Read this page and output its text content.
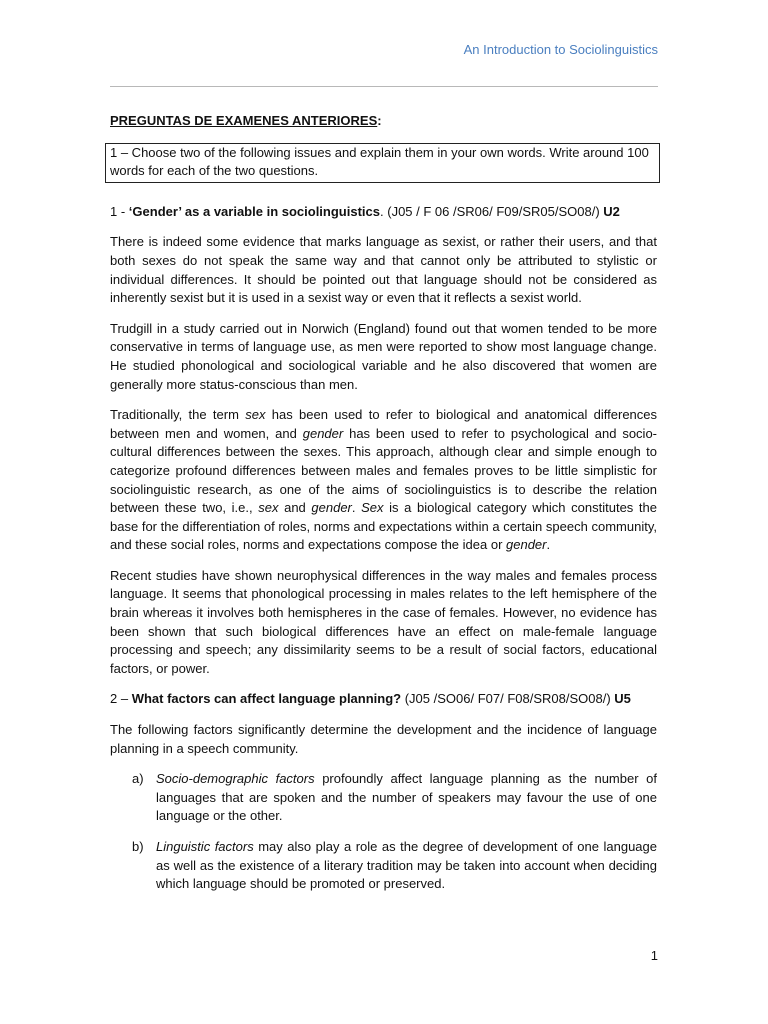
An Introduction to Sociolinguistics
PREGUNTAS DE EXAMENES ANTERIORES:
1 – Choose two of the following issues and explain them in your own words. Write around 100 words for each of the two questions.
1 - ‘Gender’ as a variable in sociolinguistics. (J05 / F 06 /SR06/ F09/SR05/SO08/) U2

There is indeed some evidence that marks language as sexist, or rather their users, and that both sexes do not speak the same way and that cannot only be attributed to stylistic or individual differences. It should be pointed out that language should not be considered as inherently sexist but it is used in a sexist way or even that it reflects a sexist world.

Trudgill in a study carried out in Norwich (England) found out that women tended to be more conservative in terms of language use, as men were reported to show most language change. He studied phonological and sociological variable and he also discovered that women are generally more status-conscious than men.

Traditionally, the term sex has been used to refer to biological and anatomical differences between men and women, and gender has been used to refer to psychological and socio-cultural differences between the sexes. This approach, although clear and simple enough to categorize profound differences between males and females proves to be little simplistic for sociolinguistic research, as one of the aims of sociolinguistics is to describe the relation between these two, i.e., sex and gender. Sex is a biological category which constitutes the base for the differentiation of roles, norms and expectations within a certain speech community, and these social roles, norms and expectations compose the idea or gender.

Recent studies have shown neurophysical differences in the way males and females process language. It seems that phonological processing in males relates to the left hemisphere of the brain whereas it involves both hemispheres in the case of females. However, no evidence has been shown that such biological differences have an effect on male-female language processing and speech; any dissimilarity seems to be a result of social factors, educational factors, or power.

2 – What factors can affect language planning? (J05 /SO06/ F07/ F08/SR08/SO08/) U5

The following factors significantly determine the development and the incidence of language planning in a speech community.

a) Socio-demographic factors profoundly affect language planning as the number of languages that are spoken and the number of speakers may favour the use of one language or the other.
b) Linguistic factors may also play a role as the degree of development of one language as well as the existence of a literary tradition may be taken into account when deciding which language should be promoted or preserved.
1
